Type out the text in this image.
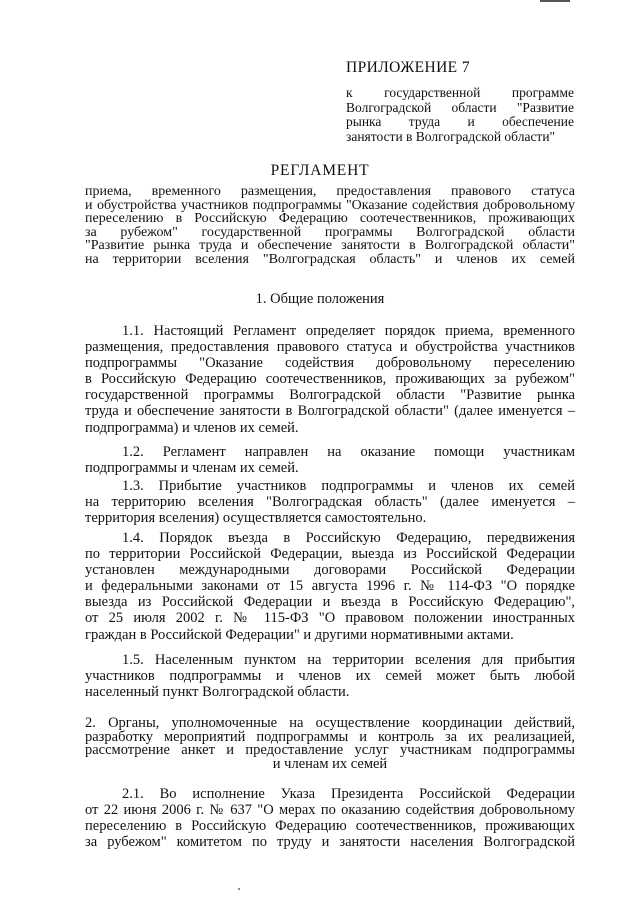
ПРИЛОЖЕНИЕ 7
к государственной программе
Волгоградской области "Развитие
рынка труда и обеспечение
занятости в Волгоградской области"
РЕГЛАМЕНТ
приема, временного размещения, предоставления правового статуса
и обустройства участников подпрограммы "Оказание содействия добровольному
переселению в Российскую Федерацию соотечественников, проживающих
за рубежом" государственной программы Волгоградской области
"Развитие рынка труда и обеспечение занятости в Волгоградской области"
на территории вселения "Волгоградская область" и членов их семей
1. Общие положения
1.1. Настоящий Регламент определяет порядок приема, временного
размещения, предоставления правового статуса и обустройства участников
подпрограммы "Оказание содействия добровольному переселению
в Российскую Федерацию соотечественников, проживающих за рубежом"
государственной программы Волгоградской области "Развитие рынка
труда и обеспечение занятости в Волгоградской области" (далее именуется –
подпрограмма) и членов их семей.
1.2. Регламент направлен на оказание помощи участникам
подпрограммы и членам их семей.
1.3. Прибытие участников подпрограммы и членов их семей
на территорию вселения "Волгоградская область" (далее именуется –
территория вселения) осуществляется самостоятельно.
1.4. Порядок въезда в Российскую Федерацию, передвижения
по территории Российской Федерации, выезда из Российской Федерации
установлен международными договорами Российской Федерации
и федеральными законами от 15 августа 1996 г. № 114-ФЗ "О порядке
выезда из Российской Федерации и въезда в Российскую Федерацию",
от 25 июля 2002 г. № 115-ФЗ "О правовом положении иностранных
граждан в Российской Федерации" и другими нормативными актами.
1.5. Населенным пунктом на территории вселения для прибытия
участников подпрограммы и членов их семей может быть любой
населенный пункт Волгоградской области.
2. Органы, уполномоченные на осуществление координации действий,
разработку мероприятий подпрограммы и контроль за их реализацией,
рассмотрение анкет и предоставление услуг участникам подпрограммы
и членам их семей
2.1. Во исполнение Указа Президента Российской Федерации
от 22 июня 2006 г. № 637 "О мерах по оказанию содействия добровольному
переселению в Российскую Федерацию соотечественников, проживающих
за рубежом" комитетом по труду и занятости населения Волгоградской
